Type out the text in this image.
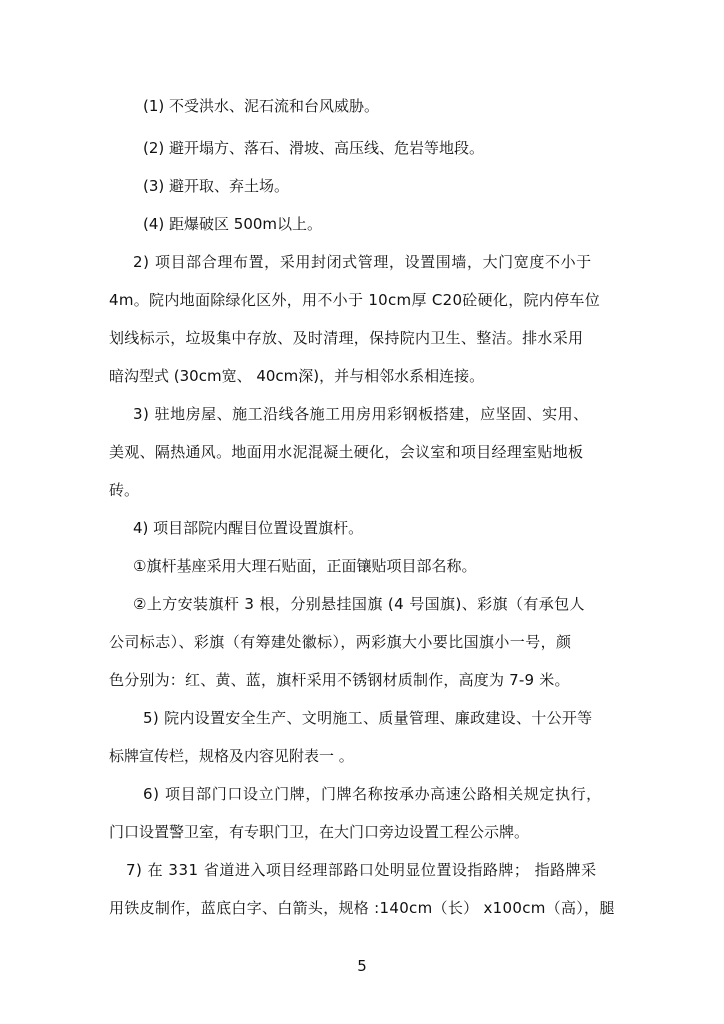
(1) 不受洪水、泥石流和台风威胁。
(2) 避开塌方、落石、滑坡、高压线、危岩等地段。
(3) 避开取、弃土场。
(4) 距爆破区 500m以上。
2) 项目部合理布置，采用封闭式管理，设置围墙，大门宽度不小于
4m。院内地面除绿化区外，用不小于 10cm厚 C20砼硬化，院内停车位
划线标示，垃圾集中存放、及时清理，保持院内卫生、整洁。排水采用
暗沟型式 (30cm宽、 40cm深)，并与相邻水系相连接。
3) 驻地房屋、施工沿线各施工用房用彩钢板搭建，应坚固、实用、
美观、隔热通风。地面用水泥混凝土硬化，会议室和项目经理室贴地板
砖。
4) 项目部院内醒目位置设置旗杆。
①旗杆基座采用大理石贴面，正面镶贴项目部名称。
②上方安装旗杆 3 根，分别悬挂国旗 (4 号国旗)、彩旗（有承包人
公司标志）、彩旗（有筹建处徽标），两彩旗大小要比国旗小一号，颜
色分别为：红、黄、蓝，旗杆采用不锈钢材质制作，高度为 7-9 米。
5) 院内设置安全生产、文明施工、质量管理、廉政建设、十公开等
标牌宣传栏，规格及内容见附表一 。
6) 项目部门口设立门牌，门牌名称按承办高速公路相关规定执行，
门口设置警卫室，有专职门卫，在大门口旁边设置工程公示牌。
7) 在 331 省道进入项目经理部路口处明显位置设指路牌； 指路牌采
用铁皮制作，蓝底白字、白箭头，规格 :140cm（长） x100cm（高），腿
5
